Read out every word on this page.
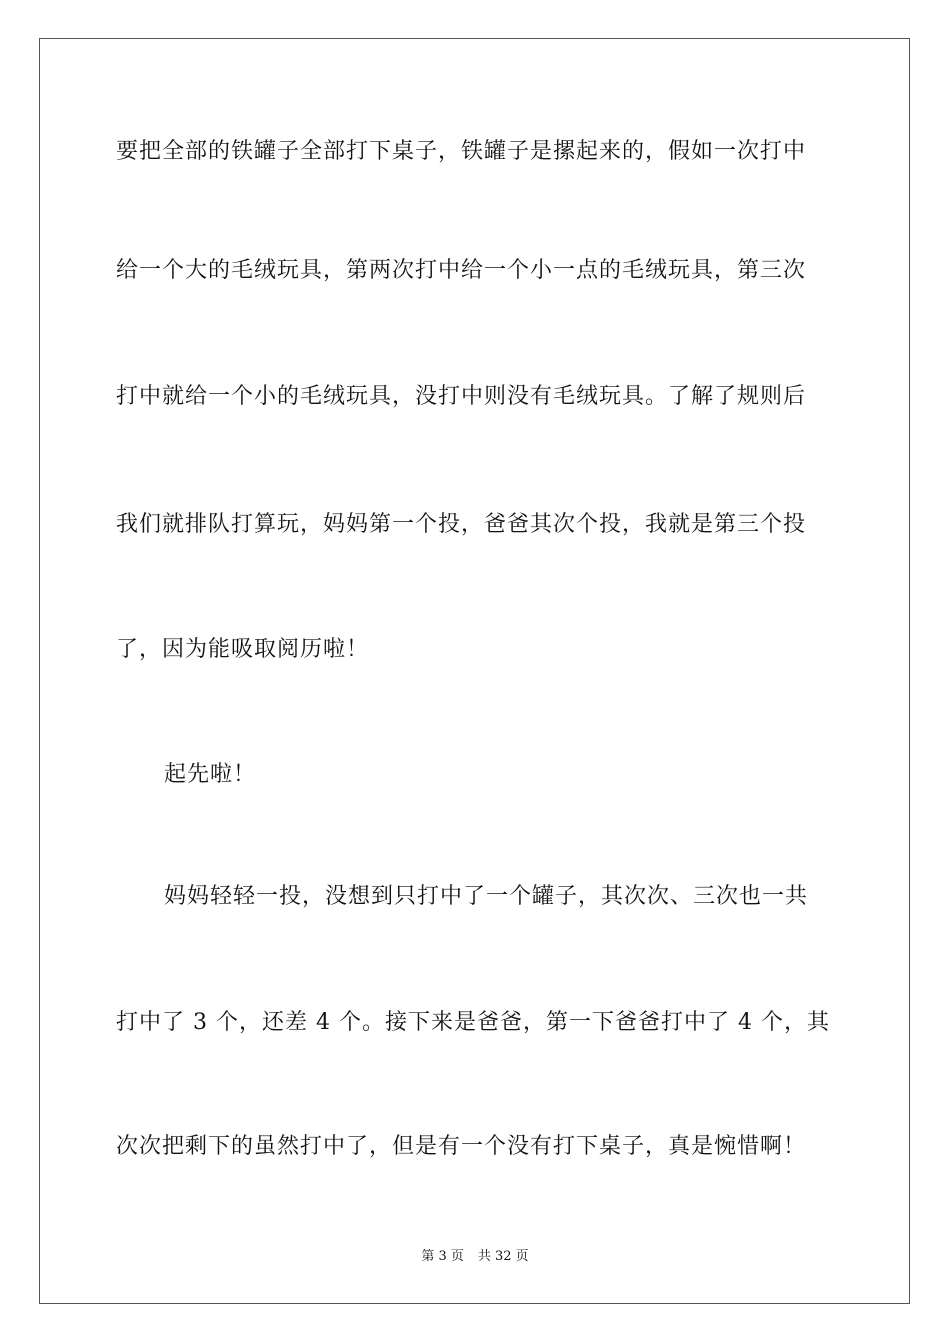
要把全部的铁罐子全部打下桌子，铁罐子是摞起来的，假如一次打中
给一个大的毛绒玩具，第两次打中给一个小一点的毛绒玩具，第三次
打中就给一个小的毛绒玩具，没打中则没有毛绒玩具。了解了规则后
我们就排队打算玩，妈妈第一个投，爸爸其次个投，我就是第三个投
了，因为能吸取阅历啦！
起先啦！
妈妈轻轻一投，没想到只打中了一个罐子，其次次、三次也一共
打中了 3 个，还差 4 个。接下来是爸爸，第一下爸爸打中了 4 个，其
次次把剩下的虽然打中了，但是有一个没有打下桌子，真是惋惜啊！
第 3 页 共 32 页
